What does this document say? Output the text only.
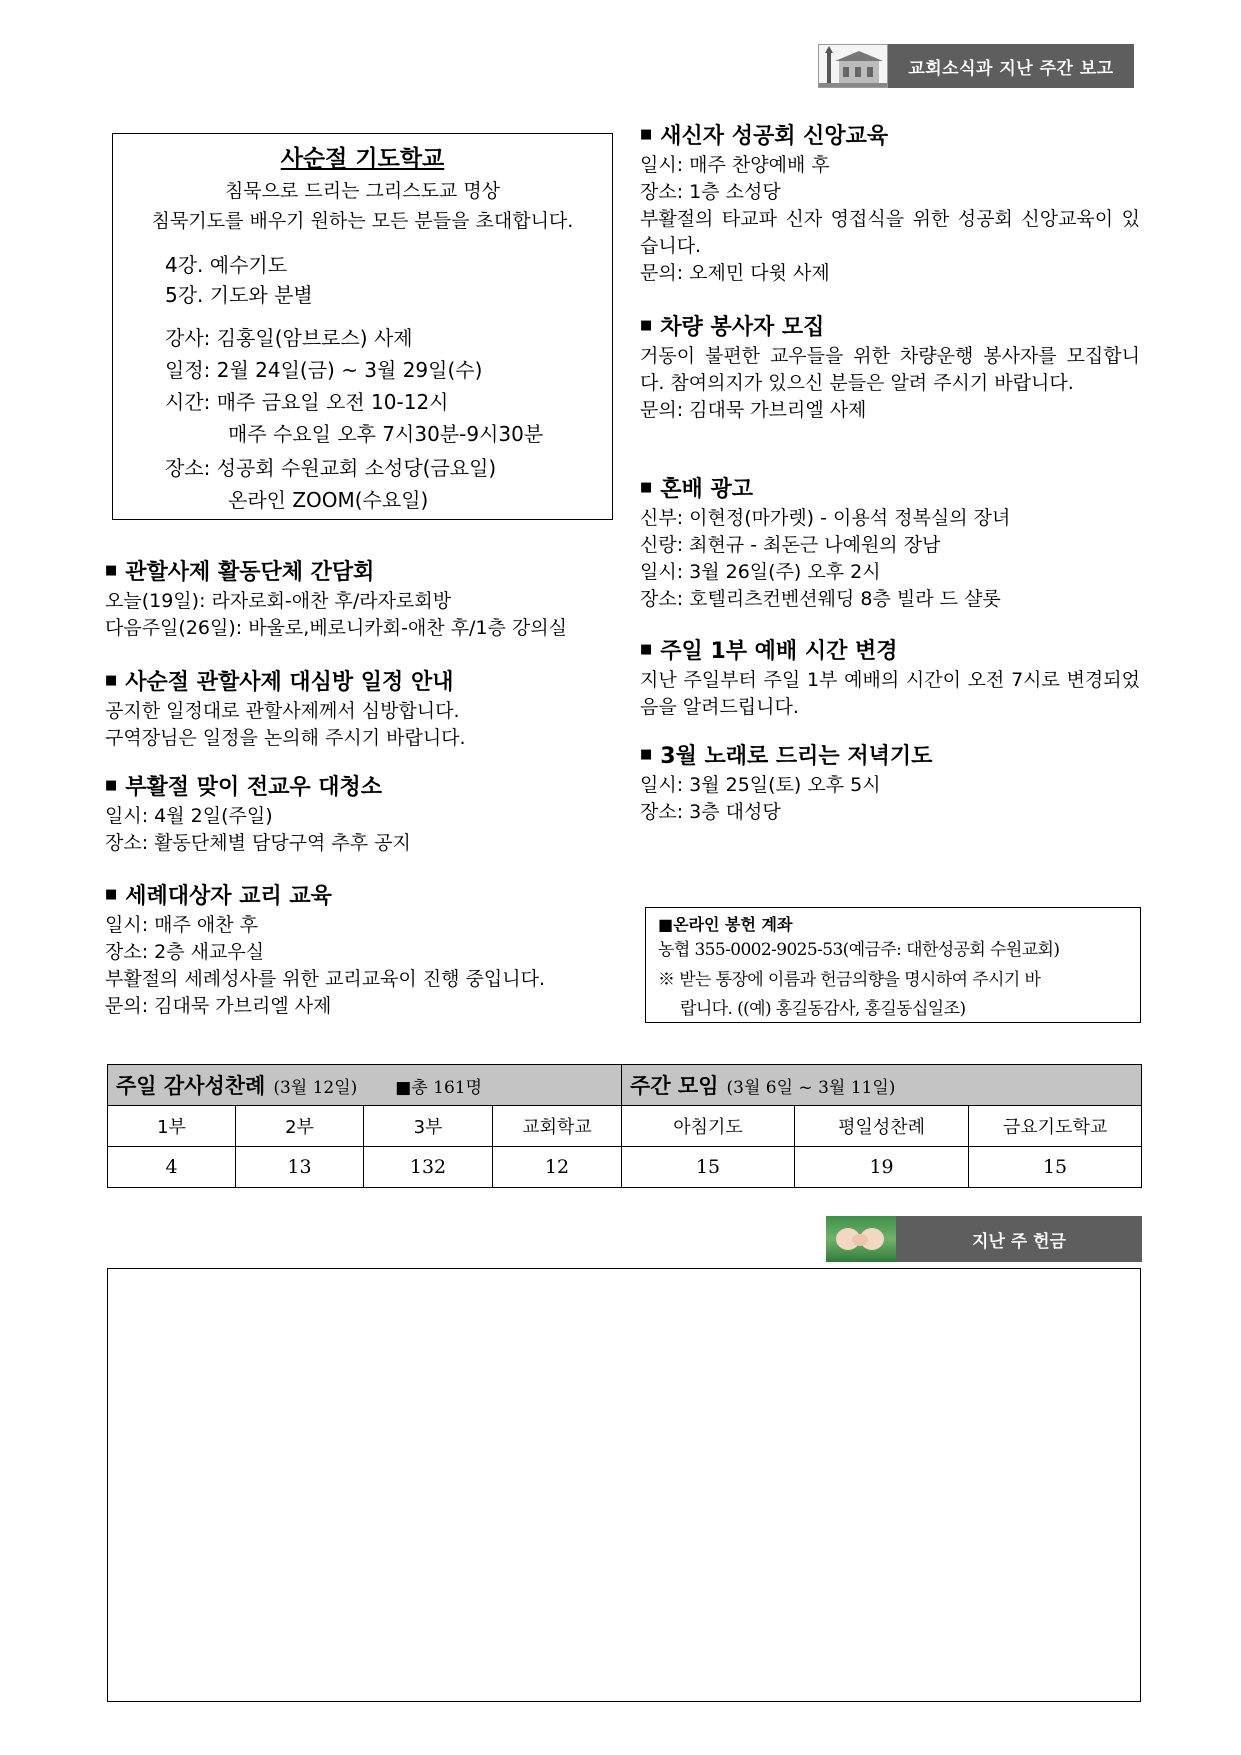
교회소식과 지난 주간 보고
사순절 기도학교
침묵으로 드리는 그리스도교 명상
침묵기도를 배우기 원하는 모든 분들을 초대합니다.
4강. 예수기도
5강. 기도와 분별
강사: 김홍일(암브로스) 사제
일정: 2월 24일(금) ~ 3월 29일(수)
시간: 매주 금요일 오전 10-12시
매주 수요일 오후 7시30분-9시30분
장소: 성공회 수원교회 소성당(금요일)
온라인 ZOOM(수요일)
■ 관할사제 활동단체 간담회
오늘(19일): 라자로회-애찬 후/라자로회방
다음주일(26일): 바울로,베로니카회-애찬 후/1층 강의실
■ 사순절 관할사제 대심방 일정 안내
공지한 일정대로 관할사제께서 심방합니다.
구역장님은 일정을 논의해 주시기 바랍니다.
■ 부활절 맞이 전교우 대청소
일시: 4월 2일(주일)
장소: 활동단체별 담당구역 추후 공지
■ 세례대상자 교리 교육
일시: 매주 애찬 후
장소: 2층 새교우실
부활절의 세례성사를 위한 교리교육이 진행 중입니다.
문의: 김대묵 가브리엘 사제
■ 새신자 성공회 신앙교육
일시: 매주 찬양예배 후
장소: 1층 소성당
부활절의 타교파 신자 영접식을 위한 성공회 신앙교육이 있습니다.
문의: 오제민 다윗 사제
■ 차량 봉사자 모집
거동이 불편한 교우들을 위한 차량운행 봉사자를 모집합니다. 참여의지가 있으신 분들은 알려 주시기 바랍니다.
문의: 김대묵 가브리엘 사제
■ 혼배 광고
신부: 이현정(마가렛) - 이용석 정복실의 장녀
신랑: 최현규 - 최돈근 나예원의 장남
일시: 3월 26일(주) 오후 2시
장소: 호텔리츠컨벤션웨딩 8층 빌라 드 샬롯
■ 주일 1부 예배 시간 변경
지난 주일부터 주일 1부 예배의 시간이 오전 7시로 변경되었음을 알려드립니다.
■ 3월 노래로 드리는 저녁기도
일시: 3월 25일(토) 오후 5시
장소: 3층 대성당
■온라인 봉헌 계좌
농협 355-0002-9025-53(예금주: 대한성공회 수원교회)
※ 받는 통장에 이름과 헌금의향을 명시하여 주시기 바
랍니다. ((예) 홍길동감사, 홍길동십일조)
주일 감사성찬례 (3월 12일) ■총 161명				주간 모임 (3월 6일 ~ 3월 11일)		
1부	2부	3부	교회학교	아침기도	평일성찬례	금요기도학교
4	13	132	12	15	19	15
지난 주 헌금
